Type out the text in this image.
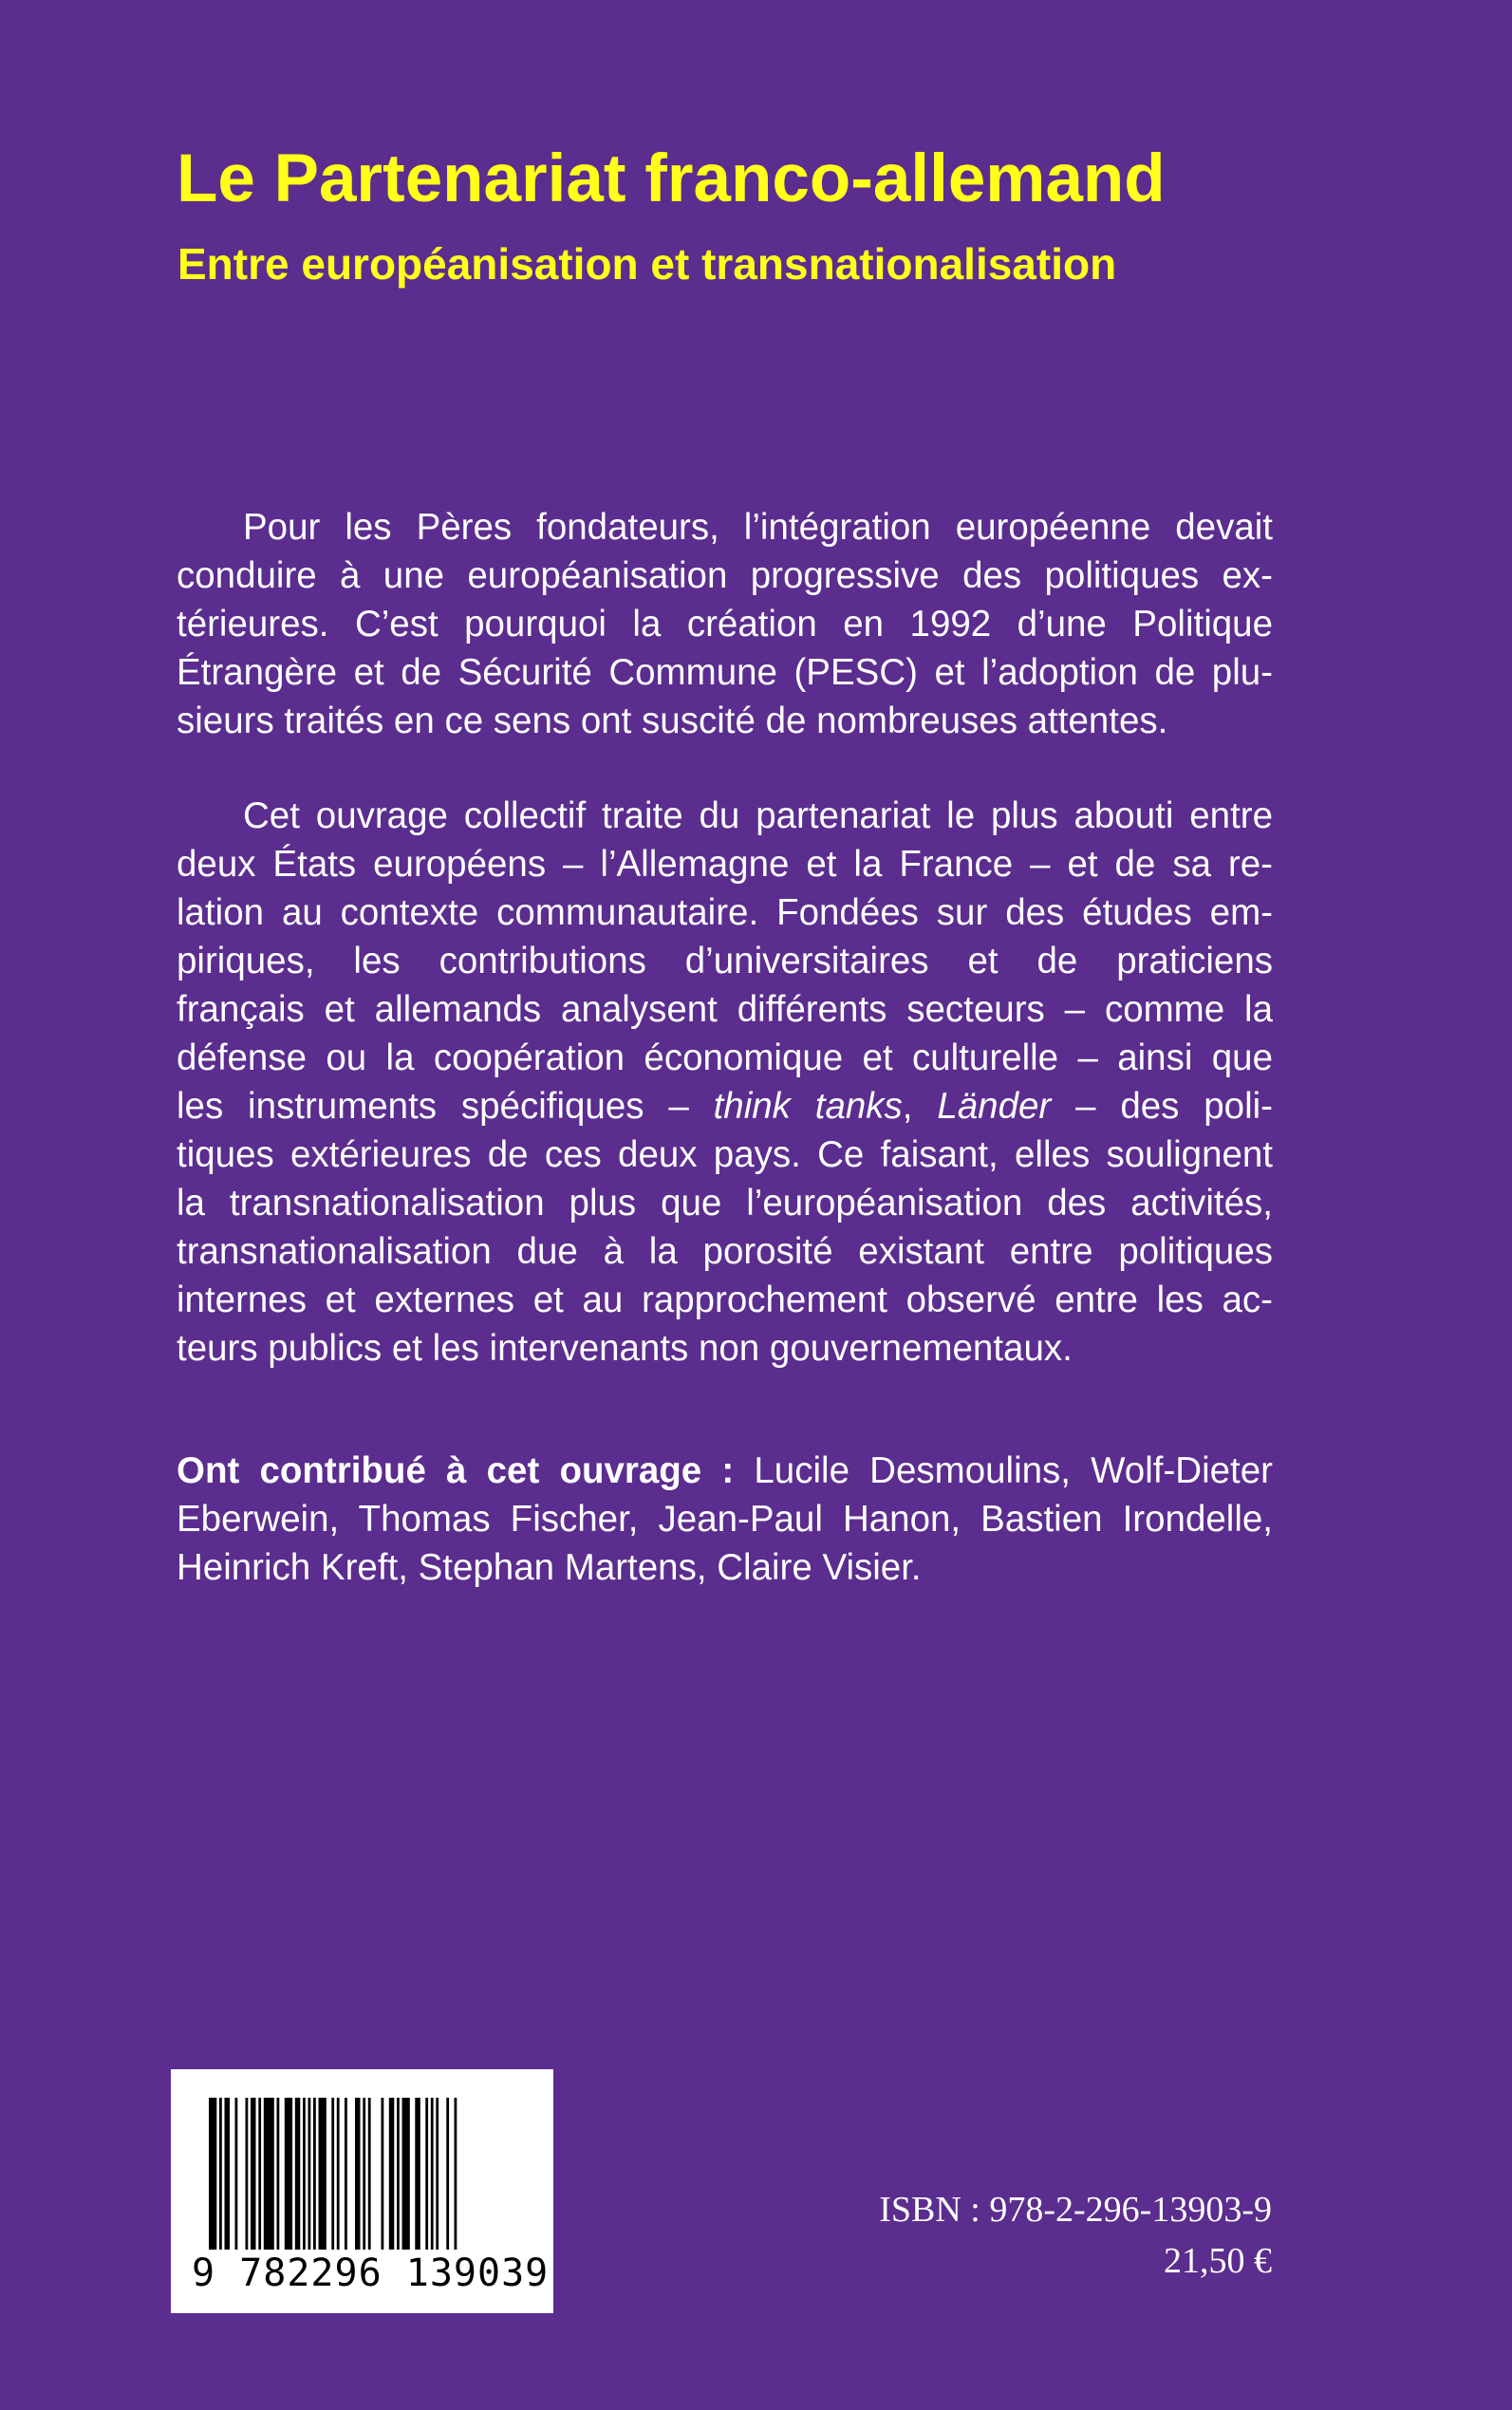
Le Partenariat franco-allemand
Entre européanisation et transnationalisation
Pour les Pères fondateurs, l’intégration européenne devait
conduire à une européanisation progressive des politiques ex-
térieures. C’est pourquoi la création en 1992 d’une Politique
Étrangère et de Sécurité Commune (PESC) et l’adoption de plu-
sieurs traités en ce sens ont suscité de nombreuses attentes.
Cet ouvrage collectif traite du partenariat le plus abouti entre
deux États européens – l’Allemagne et la France – et de sa re-
lation au contexte communautaire. Fondées sur des études em-
piriques, les contributions d’universitaires et de praticiens
français et allemands analysent différents secteurs – comme la
défense ou la coopération économique et culturelle – ainsi que
les instruments spécifiques – think tanks, Länder – des poli-
tiques extérieures de ces deux pays. Ce faisant, elles soulignent
la transnationalisation plus que l’européanisation des activités,
transnationalisation due à la porosité existant entre politiques
internes et externes et au rapprochement observé entre les ac-
teurs publics et les intervenants non gouvernementaux.
Ont contribué à cet ouvrage : Lucile Desmoulins, Wolf-Dieter
Eberwein, Thomas Fischer, Jean-Paul Hanon, Bastien Irondelle,
Heinrich Kreft, Stephan Martens, Claire Visier.
9 782296 139039
ISBN : 978-2-296-13903-9
21,50 €
